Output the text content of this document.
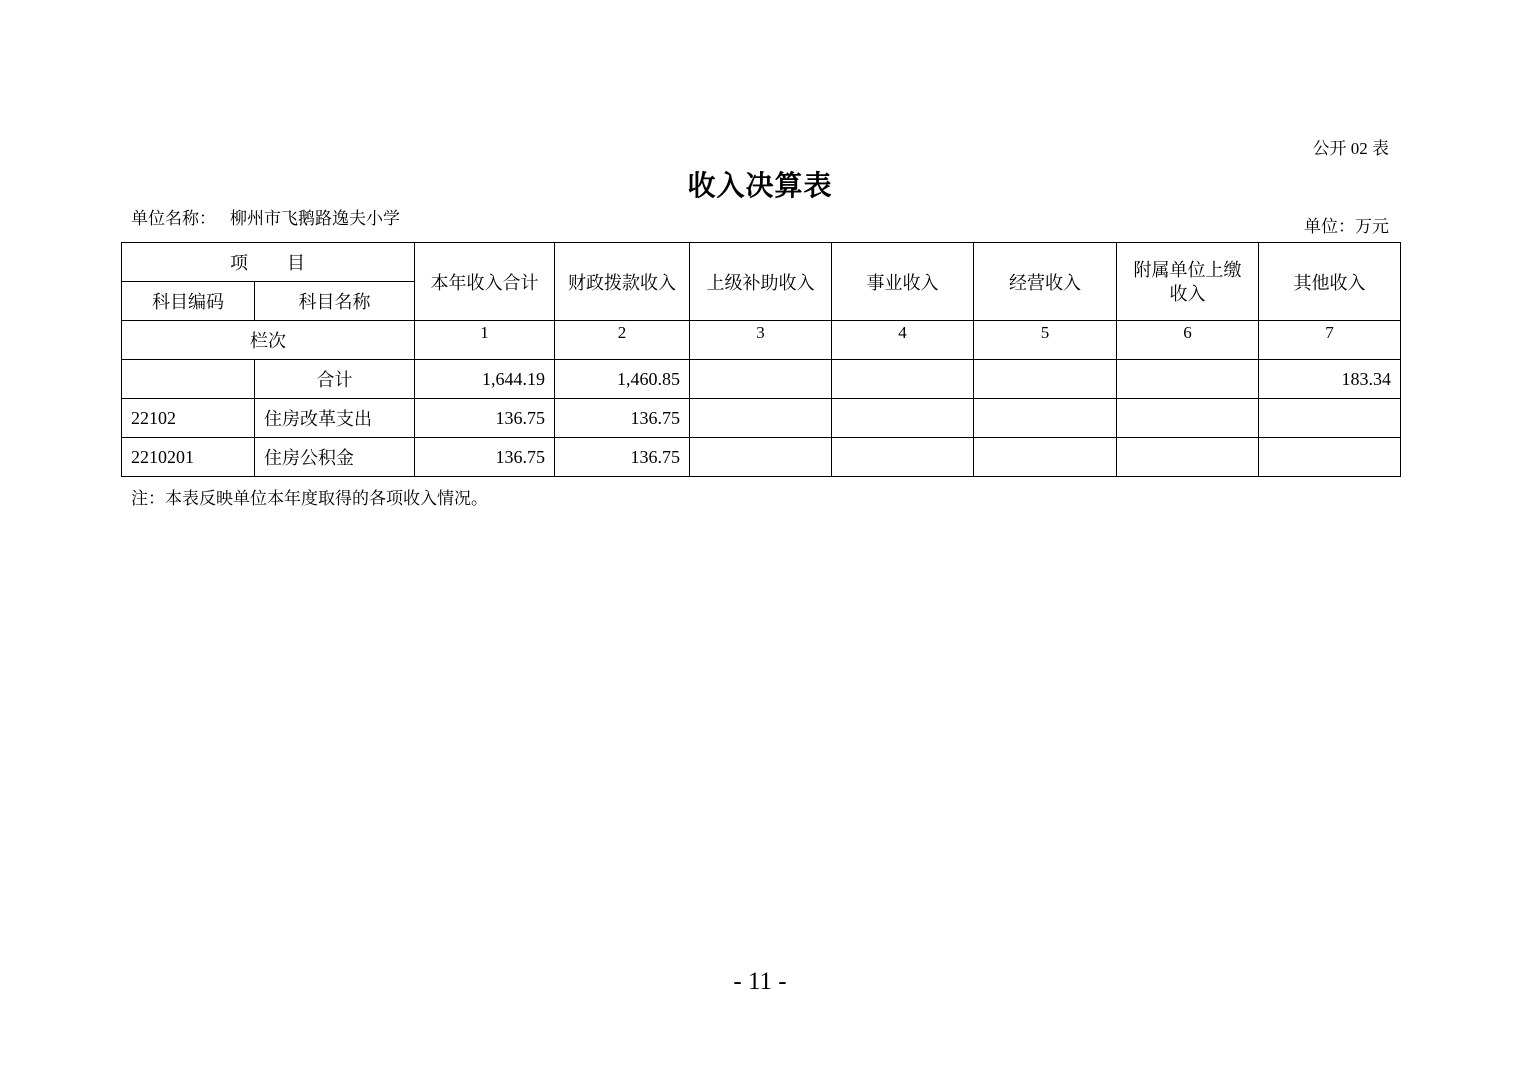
公开 02 表
收入决算表
单位名称： 柳州市飞鹅路逸夫小学	单位：万元
项　　目		本年收入合计	财政拨款收入	上级补助收入	事业收入	经营收入	附属单位上缴收入	其他收入
科目编码	科目名称							
栏次		1	2	3	4	5	6	7
	合计	1,644.19	1,460.85					183.34
22102	住房改革支出	136.75	136.75					
2210201	住房公积金	136.75	136.75					
注：本表反映单位本年度取得的各项收入情况。
- 11 -
